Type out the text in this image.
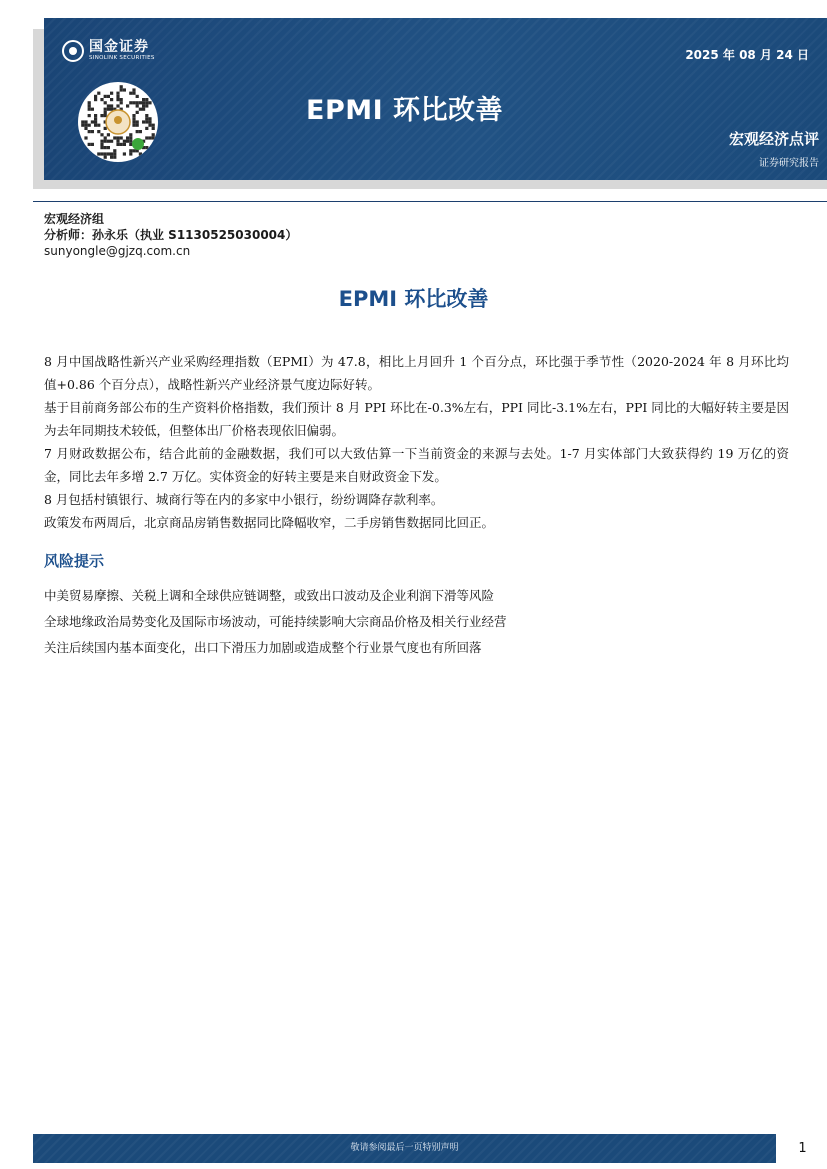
国金证券
SINOLINK SECURITIES	2025 年 08 月 24 日
EPMI 环比改善
宏观经济点评
证券研究报告
宏观经济组
分析师：孙永乐（执业 S1130525030004）
sunyongle@gjzq.com.cn
EPMI 环比改善

8 月中国战略性新兴产业采购经理指数（EPMI）为 47.8，相比上月回升 1 个百分点，环比强于季节性（2020-2024 年 8 月环比均值+0.86 个百分点），战略性新兴产业经济景气度边际好转。

基于目前商务部公布的生产资料价格指数，我们预计 8 月 PPI 环比在-0.3%左右，PPI 同比-3.1%左右，PPI 同比的大幅好转主要是因为去年同期技术较低，但整体出厂价格表现依旧偏弱。

7 月财政数据公布，结合此前的金融数据，我们可以大致估算一下当前资金的来源与去处。1-7 月实体部门大致获得约 19 万亿的资金，同比去年多增 2.7 万亿。实体资金的好转主要是来自财政资金下发。

8 月包括村镇银行、城商行等在内的多家中小银行，纷纷调降存款利率。

政策发布两周后，北京商品房销售数据同比降幅收窄，二手房销售数据同比回正。

风险提示

中美贸易摩擦、关税上调和全球供应链调整，或致出口波动及企业利润下滑等风险

全球地缘政治局势变化及国际市场波动，可能持续影响大宗商品价格及相关行业经营

关注后续国内基本面变化，出口下滑压力加剧或造成整个行业景气度也有所回落

敬请参阅最后一页特别声明	1
